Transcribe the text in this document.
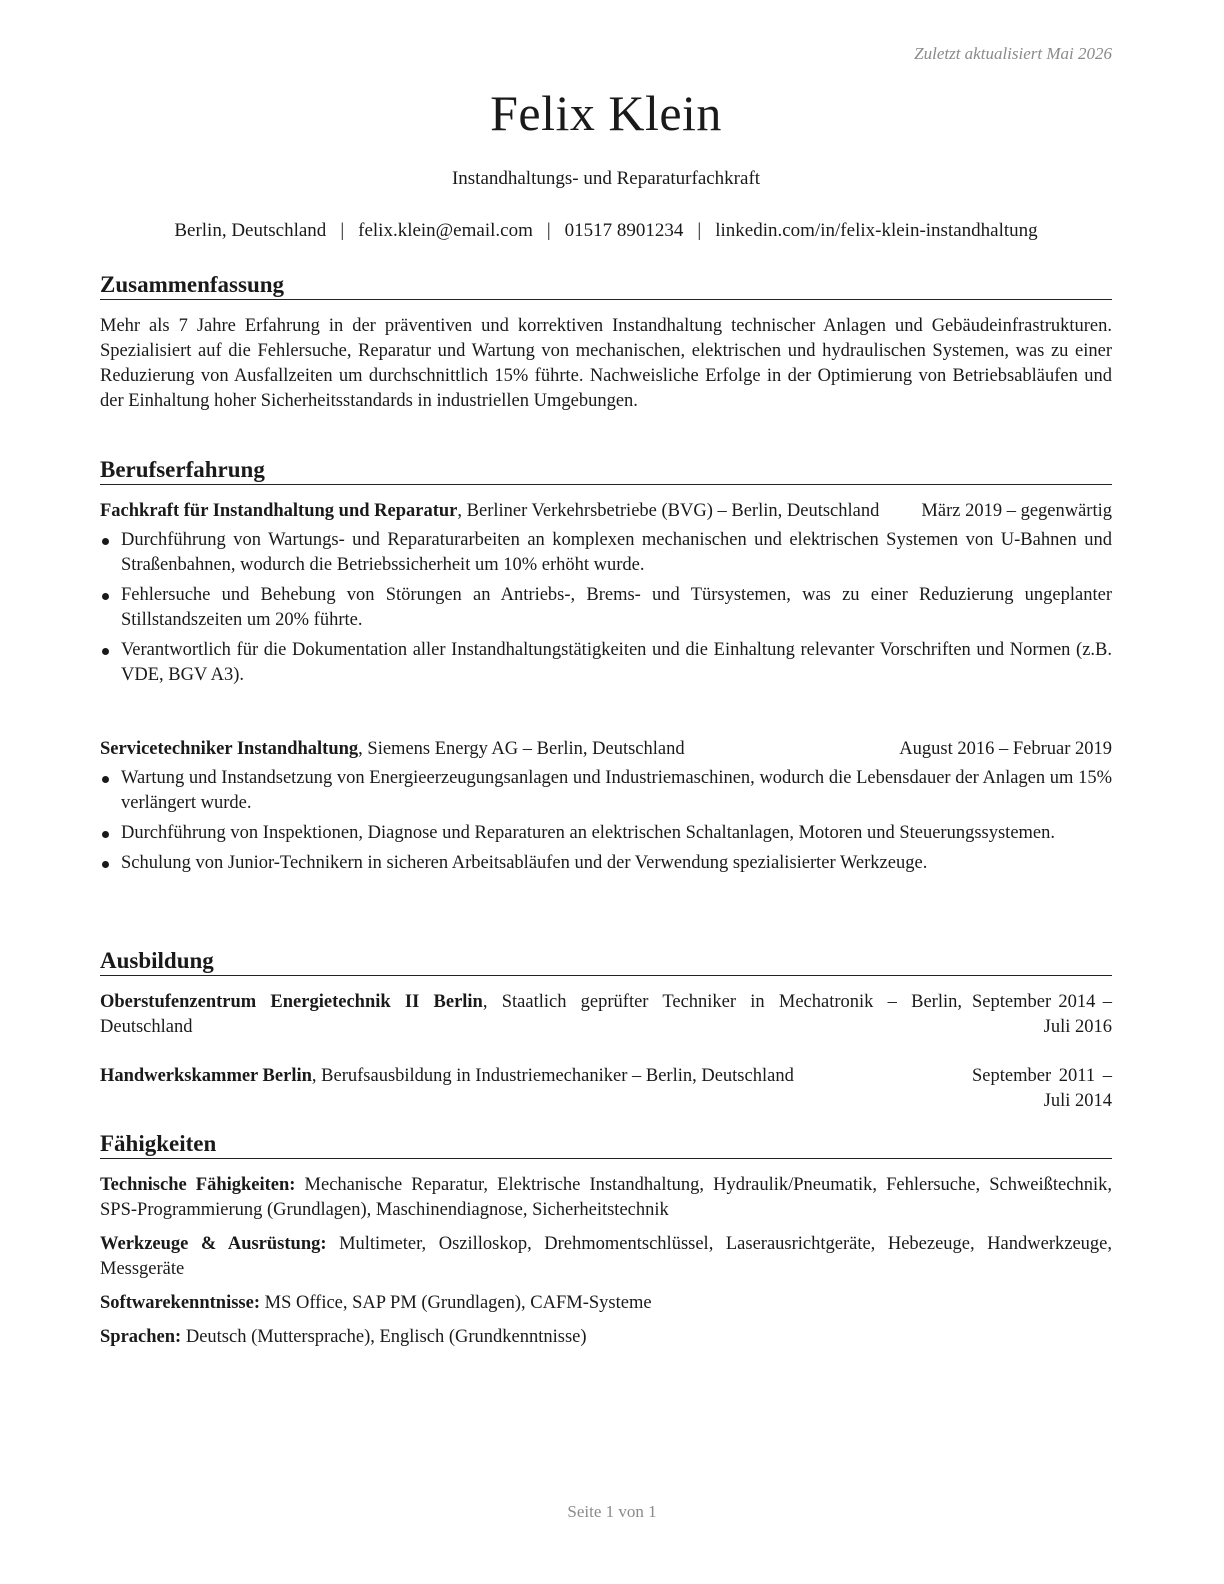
Zuletzt aktualisiert Mai 2026
Felix Klein
Instandhaltungs- und Reparaturfachkraft
Berlin, Deutschland | felix.klein@email.com | 01517 8901234 | linkedin.com/in/felix-klein-instandhaltung
Zusammenfassung

Mehr als 7 Jahre Erfahrung in der präventiven und korrektiven Instandhaltung technischer Anlagen und Gebäudeinfrastrukturen. Spezialisiert auf die Fehlersuche, Reparatur und Wartung von mechanischen, elektrischen und hydraulischen Systemen, was zu einer Reduzierung von Ausfallzeiten um durchschnittlich 15% führte. Nachweisliche Erfolge in der Optimierung von Betriebsabläufen und der Einhaltung hoher Sicherheitsstandards in industriellen Umgebungen.

Berufserfahrung
Fachkraft für Instandhaltung und Reparatur, Berliner Verkehrsbetriebe (BVG) – Berlin, Deutschland	März 2019 – gegenwärtig
Durchführung von Wartungs- und Reparaturarbeiten an komplexen mechanischen und elektrischen Systemen von U-Bahnen und Straßenbahnen, wodurch die Betriebssicherheit um 10% erhöht wurde.
Fehlersuche und Behebung von Störungen an Antriebs-, Brems- und Türsystemen, was zu einer Reduzierung ungeplanter Stillstandszeiten um 20% führte.
Verantwortlich für die Dokumentation aller Instandhaltungstätigkeiten und die Einhaltung relevanter Vorschriften und Normen (z.B. VDE, BGV A3).
Servicetechniker Instandhaltung, Siemens Energy AG – Berlin, Deutschland	August 2016 – Februar 2019
Wartung und Instandsetzung von Energieerzeugungsanlagen und Industriemaschinen, wodurch die Lebensdauer der Anlagen um 15% verlängert wurde.
Durchführung von Inspektionen, Diagnose und Reparaturen an elektrischen Schaltanlagen, Motoren und Steuerungssystemen.
Schulung von Junior-Technikern in sicheren Arbeitsabläufen und der Verwendung spezialisierter Werkzeuge.
Ausbildung
Oberstufenzentrum Energietechnik II Berlin, Staatlich geprüfter Techniker in Mechatronik – Berlin, Deutschland
September 2014 – Juli 2016
Handwerkskammer Berlin, Berufsausbildung in Industriemechaniker – Berlin, Deutschland	September 2011 – Juli 2014
Fähigkeiten
Technische Fähigkeiten: Mechanische Reparatur, Elektrische Instandhaltung, Hydraulik/Pneumatik, Fehlersuche, Schweißtechnik, SPS-Programmierung (Grundlagen), Maschinendiagnose, Sicherheitstechnik
Werkzeuge & Ausrüstung: Multimeter, Oszilloskop, Drehmomentschlüssel, Laserausrichtgeräte, Hebezeuge, Handwerkzeuge, Messgeräte
Softwarekenntnisse: MS Office, SAP PM (Grundlagen), CAFM-Systeme
Sprachen: Deutsch (Muttersprache), Englisch (Grundkenntnisse)
Seite 1 von 1
